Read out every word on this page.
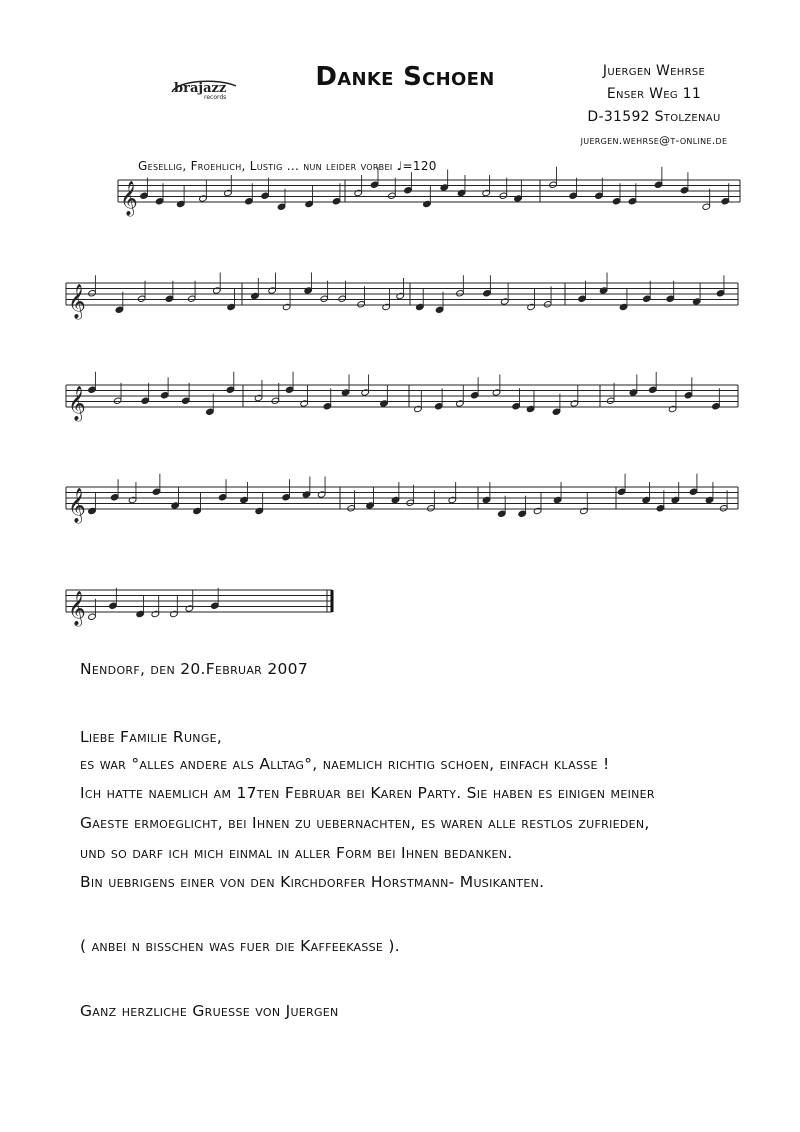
brajazz
records
Danke Schoen	Juergen Wehrse
Enser Weg 11
D-31592 Stolzenau
juergen.wehrse@t-online.de
Gesellig, Froehlich, Lustig ... nun leider vorbei ♩=120
𝄞
𝄞
𝄞
𝄞
𝄞
Nendorf, den 20.Februar 2007
Liebe Familie Runge,
es war °alles andere als Alltag°, naemlich richtig schoen, einfach klasse !
Ich hatte naemlich am 17ten Februar bei Karen Party. Sie haben es einigen meiner
Gaeste ermoeglicht, bei Ihnen zu uebernachten, es waren alle restlos zufrieden,
und so darf ich mich einmal in aller Form bei Ihnen bedanken.
Bin uebrigens einer von den Kirchdorfer Horstmann- Musikanten.
( anbei n bisschen was fuer die Kaffeekasse ).
Ganz herzliche Gruesse von Juergen
